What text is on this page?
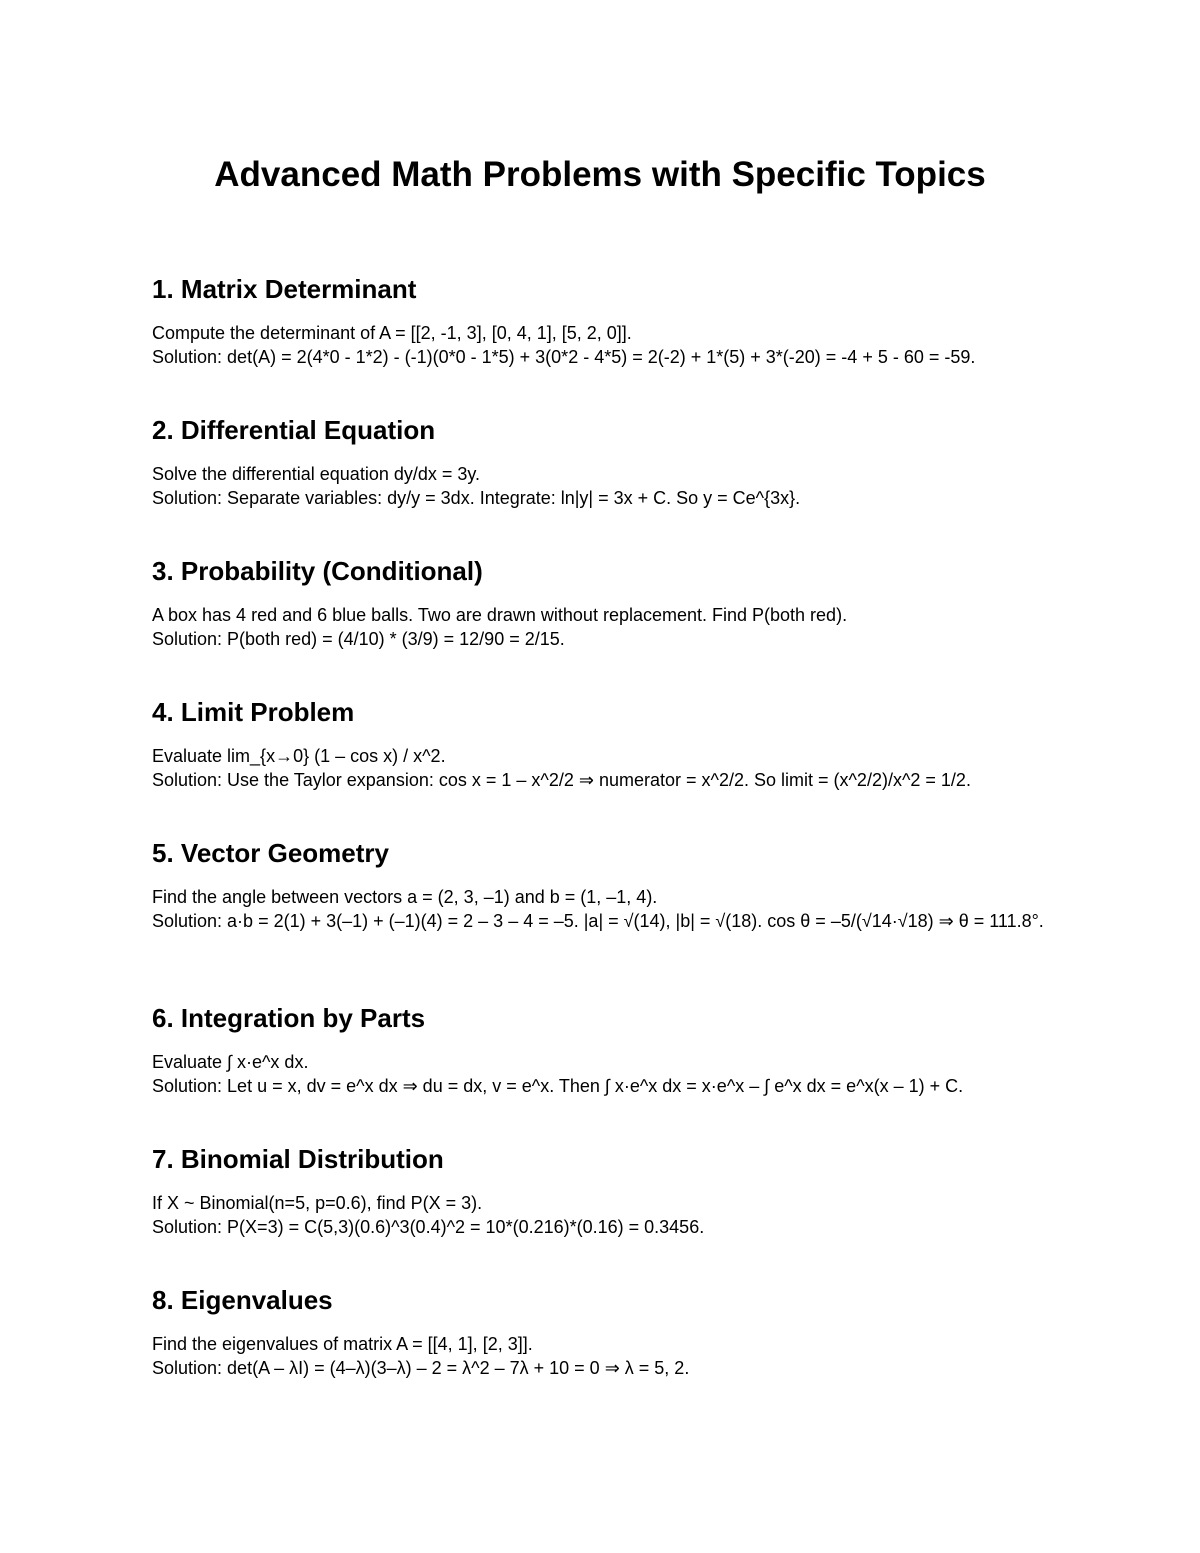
Advanced Math Problems with Specific Topics
1. Matrix Determinant

Compute the determinant of A = [[2, -1, 3], [0, 4, 1], [5, 2, 0]].

Solution: det(A) = 2(4*0 - 1*2) - (-1)(0*0 - 1*5) + 3(0*2 - 4*5) = 2(-2) + 1*(5) + 3*(-20) = -4 + 5 - 60 = -59.

2. Differential Equation

Solve the differential equation dy/dx = 3y.

Solution: Separate variables: dy/y = 3dx. Integrate: ln|y| = 3x + C. So y = Ce^{3x}.

3. Probability (Conditional)

A box has 4 red and 6 blue balls. Two are drawn without replacement. Find P(both red).

Solution: P(both red) = (4/10) * (3/9) = 12/90 = 2/15.

4. Limit Problem

Evaluate lim_{x→0} (1 – cos x) / x^2.

Solution: Use the Taylor expansion: cos x = 1 – x^2/2 ⇒ numerator = x^2/2. So limit = (x^2/2)/x^2 = 1/2.

5. Vector Geometry

Find the angle between vectors a = (2, 3, –1) and b = (1, –1, 4).

Solution: a·b = 2(1) + 3(–1) + (–1)(4) = 2 – 3 – 4 = –5. |a| = √(14), |b| = √(18). cos θ = –5/(√14·√18) ⇒ θ = 111.8°.

6. Integration by Parts

Evaluate ∫ x·e^x dx.

Solution: Let u = x, dv = e^x dx ⇒ du = dx, v = e^x. Then ∫ x·e^x dx = x·e^x – ∫ e^x dx = e^x(x – 1) + C.

7. Binomial Distribution

If X ~ Binomial(n=5, p=0.6), find P(X = 3).

Solution: P(X=3) = C(5,3)(0.6)^3(0.4)^2 = 10*(0.216)*(0.16) = 0.3456.

8. Eigenvalues

Find the eigenvalues of matrix A = [[4, 1], [2, 3]].

Solution: det(A – λI) = (4–λ)(3–λ) – 2 = λ^2 – 7λ + 10 = 0 ⇒ λ = 5, 2.
